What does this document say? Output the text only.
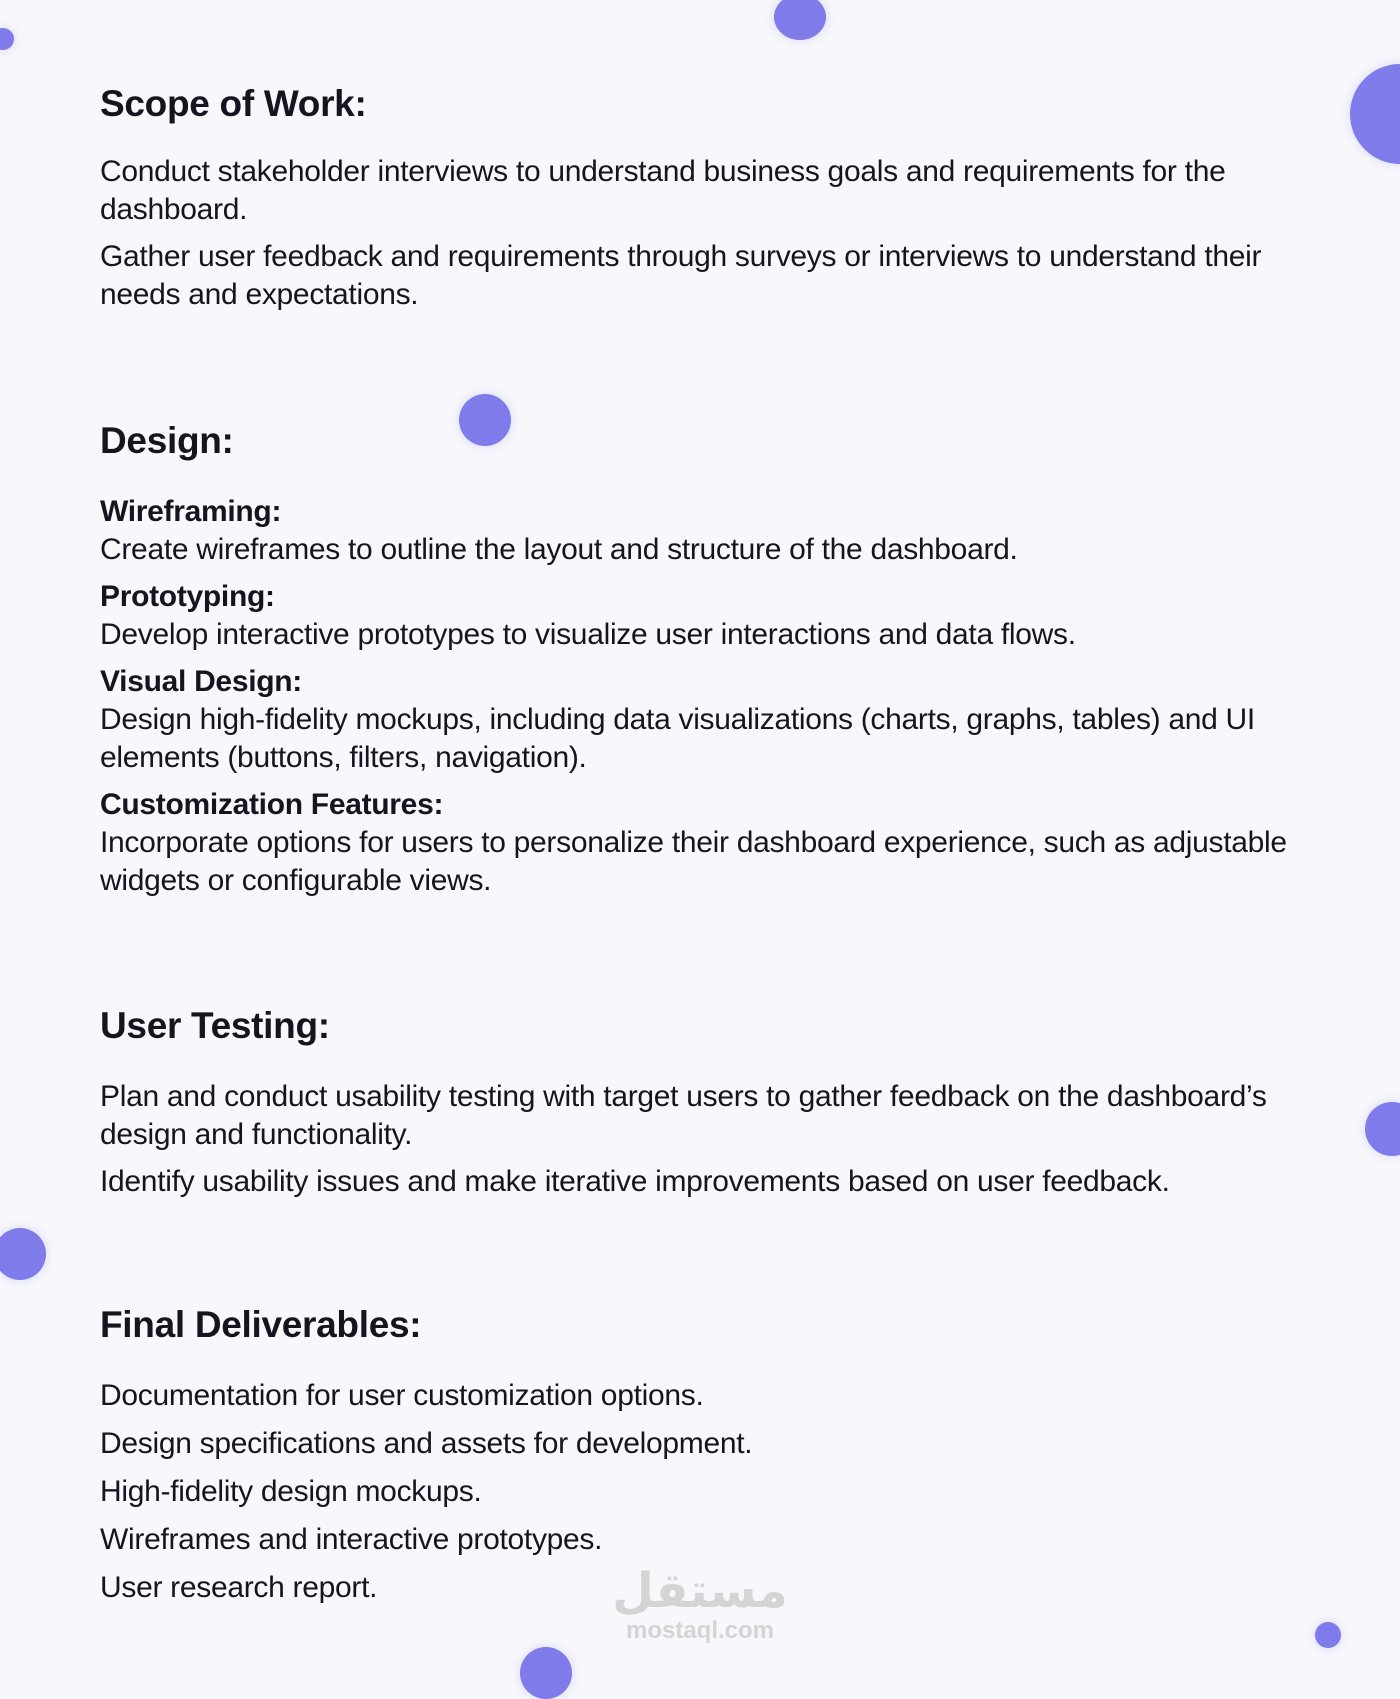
Scope of Work:

Conduct stakeholder interviews to understand business goals and requirements for the dashboard.

Gather user feedback and requirements through surveys or interviews to understand their needs and expectations.

Design:
Wireframing:
Create wireframes to outline the layout and structure of the dashboard.
Prototyping:
Develop interactive prototypes to visualize user interactions and data flows.
Visual Design:
Design high-fidelity mockups, including data visualizations (charts, graphs, tables) and UI elements (buttons, filters, navigation).
Customization Features:
Incorporate options for users to personalize their dashboard experience, such as adjustable widgets or configurable views.
User Testing:

Plan and conduct usability testing with target users to gather feedback on the dashboard’s design and functionality.

Identify usability issues and make iterative improvements based on user feedback.

Final Deliverables:
Documentation for user customization options.
Design specifications and assets for development.
High-fidelity design mockups.
Wireframes and interactive prototypes.
User research report.	مستقل
mostaql.com
